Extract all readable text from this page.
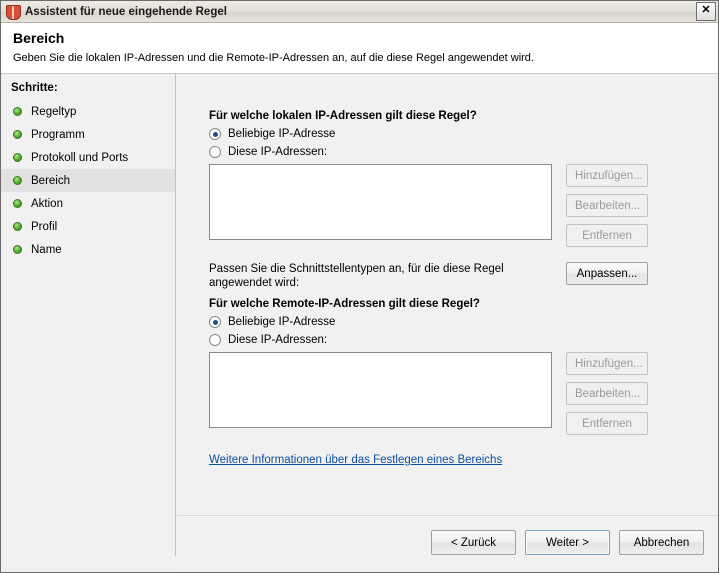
Assistent für neue eingehende Regel	✕
Bereich

Geben Sie die lokalen IP-Adressen und die Remote-IP-Adressen an, auf die diese Regel angewendet wird.

Schritte:
Regeltyp
Programm
Protokoll und Ports
Bereich
Aktion
Profil
Name
Für welche lokalen IP-Adressen gilt diese Regel?
Beliebige IP-Adresse
Diese IP-Adressen:
Hinzufügen...
Bearbeiten...
Entfernen
Passen Sie die Schnittstellentypen an, für die diese Regel angewendet wird:
Anpassen...
Für welche Remote-IP-Adressen gilt diese Regel?
Beliebige IP-Adresse
Diese IP-Adressen:
Hinzufügen...
Bearbeiten...
Entfernen
Weitere Informationen über das Festlegen eines Bereichs
< Zurück	Weiter >	Abbrechen
